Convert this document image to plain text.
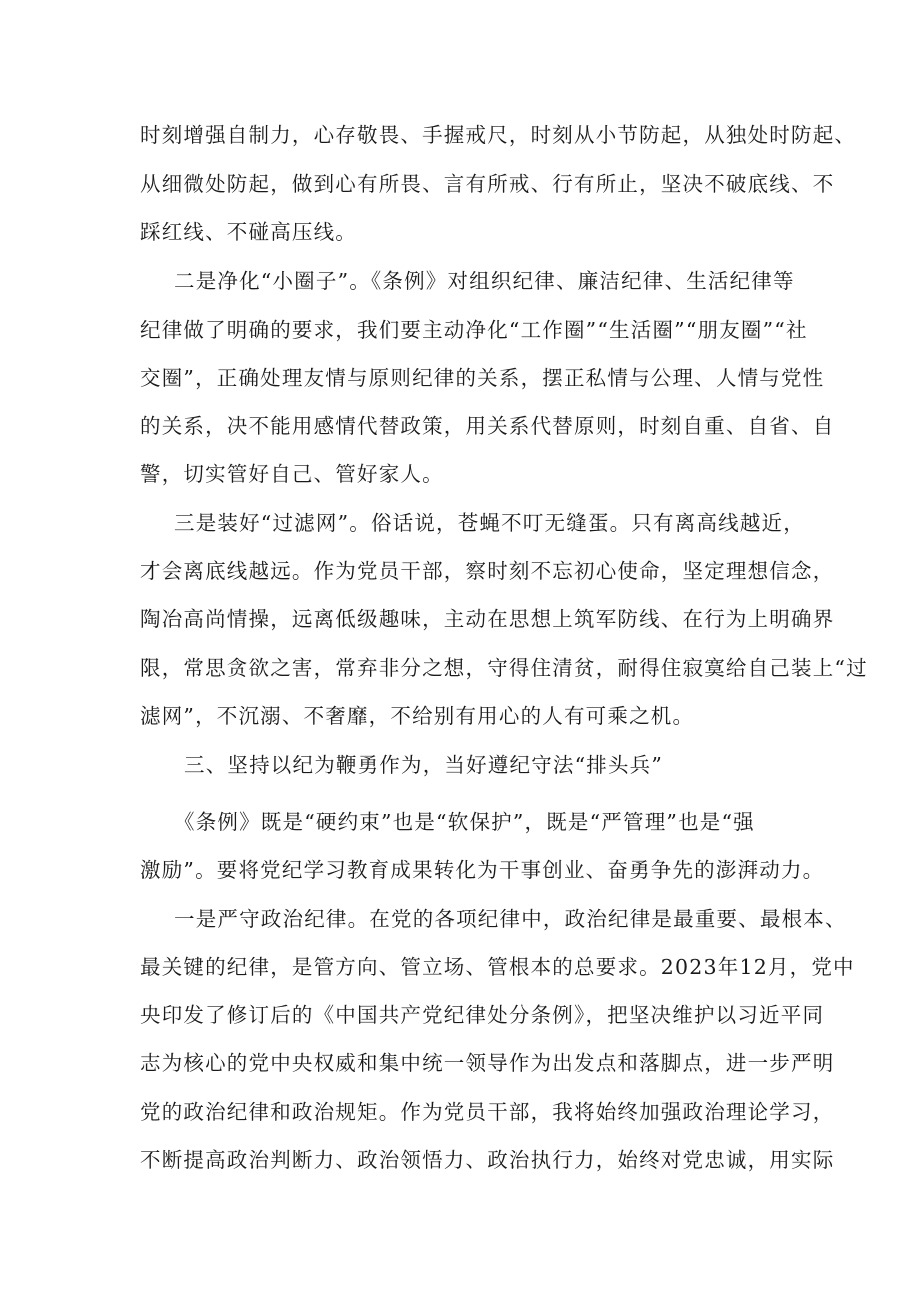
时刻增强自制力，心存敬畏、手握戒尺，时刻从小节防起，从独处时防起、
从细微处防起，做到心有所畏、言有所戒、行有所止，坚决不破底线、不
踩红线、不碰高压线。
二是净化“小圈子”。《条例》对组织纪律、廉洁纪律、生活纪律等
纪律做了明确的要求，我们要主动净化“工作圈”“生活圈”“朋友圈”“社
交圈”，正确处理友情与原则纪律的关系，摆正私情与公理、人情与党性
的关系，决不能用感情代替政策，用关系代替原则，时刻自重、自省、自
警，切实管好自己、管好家人。
三是装好“过滤网”。俗话说，苍蝇不叮无缝蛋。只有离高线越近，
才会离底线越远。作为党员干部，察时刻不忘初心使命，坚定理想信念，
陶冶高尚情操，远离低级趣味，主动在思想上筑军防线、在行为上明确界
限，常思贪欲之害，常弃非分之想，守得住清贫，耐得住寂寞给自己装上“过
滤网”，不沉溺、不奢靡，不给别有用心的人有可乘之机。
三、坚持以纪为鞭勇作为，当好遵纪守法“排头兵”
《条例》既是“硬约束”也是“软保护”，既是“严管理”也是“强
激励”。要将党纪学习教育成果转化为干事创业、奋勇争先的澎湃动力。
一是严守政治纪律。在党的各项纪律中，政治纪律是最重要、最根本、
最关键的纪律，是管方向、管立场、管根本的总要求。2023年12月，党中
央印发了修订后的《中国共产党纪律处分条例》，把坚决维护以习近平同
志为核心的党中央权威和集中统一领导作为出发点和落脚点，进一步严明
党的政治纪律和政治规矩。作为党员干部，我将始终加强政治理论学习，
不断提高政治判断力、政治领悟力、政治执行力，始终对党忠诚，用实际
